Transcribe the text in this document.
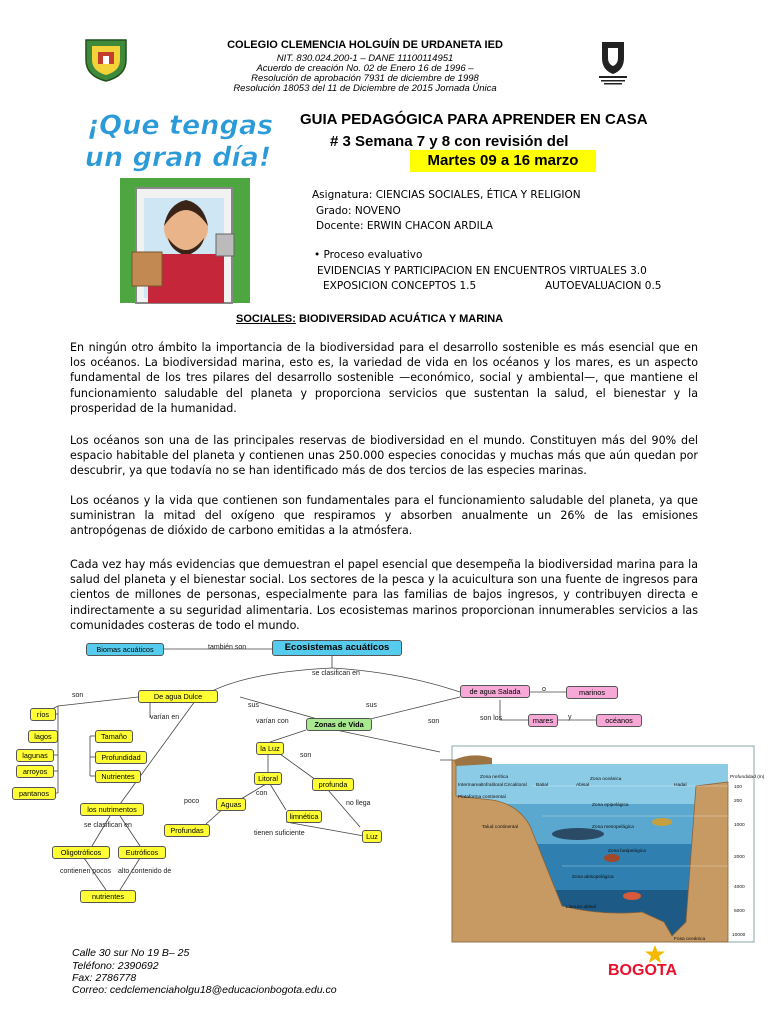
COLEGIO CLEMENCIA HOLGUÍN DE URDANETA IED
NIT. 830.024.200-1 – DANE 11100114951
Acuerdo de creación No. 02 de Enero 16 de 1996 –
Resolución de aprobación 7931 de diciembre de 1998
Resolución 18053 del 11 de Diciembre de 2015 Jornada Única
¡Que tengas
un gran día!
GUIA PEDAGÓGICA PARA APRENDER EN CASA
# 3 Semana 7 y 8 con revisión del
Martes 09 a 16 marzo
Asignatura: CIENCIAS SOCIALES, ÉTICA Y RELIGION
Grado: NOVENO
Docente: ERWIN CHACON ARDILA
• Proceso evaluativo
EVIDENCIAS Y PARTICIPACION EN ENCUENTROS VIRTUALES 3.0
EXPOSICION CONCEPTOS 1.5	AUTOEVALUACION 0.5
SOCIALES: BIODIVERSIDAD ACUÁTICA Y MARINA
En ningún otro ámbito la importancia de la biodiversidad para el desarrollo sostenible es más esencial que en los océanos. La biodiversidad marina, esto es, la variedad de vida en los océanos y los mares, es un aspecto fundamental de los tres pilares del desarrollo sostenible —económico, social y ambiental—, que mantiene el funcionamiento saludable del planeta y proporciona servicios que sustentan la salud, el bienestar y la prosperidad de la humanidad.
Los océanos son una de las principales reservas de biodiversidad en el mundo. Constituyen más del 90% del espacio habitable del planeta y contienen unas 250.000 especies conocidas y muchas más que aún quedan por descubrir, ya que todavía no se han identificado más de dos tercios de las especies marinas.
Los océanos y la vida que contienen son fundamentales para el funcionamiento saludable del planeta, ya que suministran la mitad del oxígeno que respiramos y absorben anualmente un 26% de las emisiones antropógenas de dióxido de carbono emitidas a la atmósfera.
Cada vez hay más evidencias que demuestran el papel esencial que desempeña la biodiversidad marina para la salud del planeta y el bienestar social. Los sectores de la pesca y la acuicultura son una fuente de ingresos para cientos de millones de personas, especialmente para las familias de bajos ingresos, y contribuyen directa e indirectamente a su seguridad alimentaria. Los ecosistemas marinos proporcionan innumerables servicios a las comunidades costeras de todo el mundo.
Biomas acuáticos	también son	Ecosistemas acuáticos
se clasifican en
De agua Dulce
de agua Salada	o	marinos
son los	mares	y	océanos
son
sus	sus
son
varían en
varían con	Zonas de Vida
ríos
lagos
lagunas
arroyos
pantanos
Tamaño
Profundidad
Nutrientes
la Luz
son
Litoral
profunda
con
Aguas
poco
limnética
no llega
Profundas	tienen suficiente	Luz
los nutrimentos
se clasifican en
Oligotróficos	Eutróficos
contienen pocos alto contenido de
nutrientes
Zona nerítica	Zona oceánica
Intermareal Infralitoral Circalitoral Batial	Abisal	Hadal
Plataforma continental
Zona epipelágica
Zona mesopelágica
Talud continental
Zona batipelágica
Zona abisopelágica
Llanura abisal
Fosa oceánica
Profundidad (m)
100
200
1000
2000
4000
6000
10000
Calle 30 sur No 19 B– 25
Teléfono: 2390692
Fax: 2786778
Correo: cedclemenciaholgu18@educacionbogota.edu.co
BOGOTA
